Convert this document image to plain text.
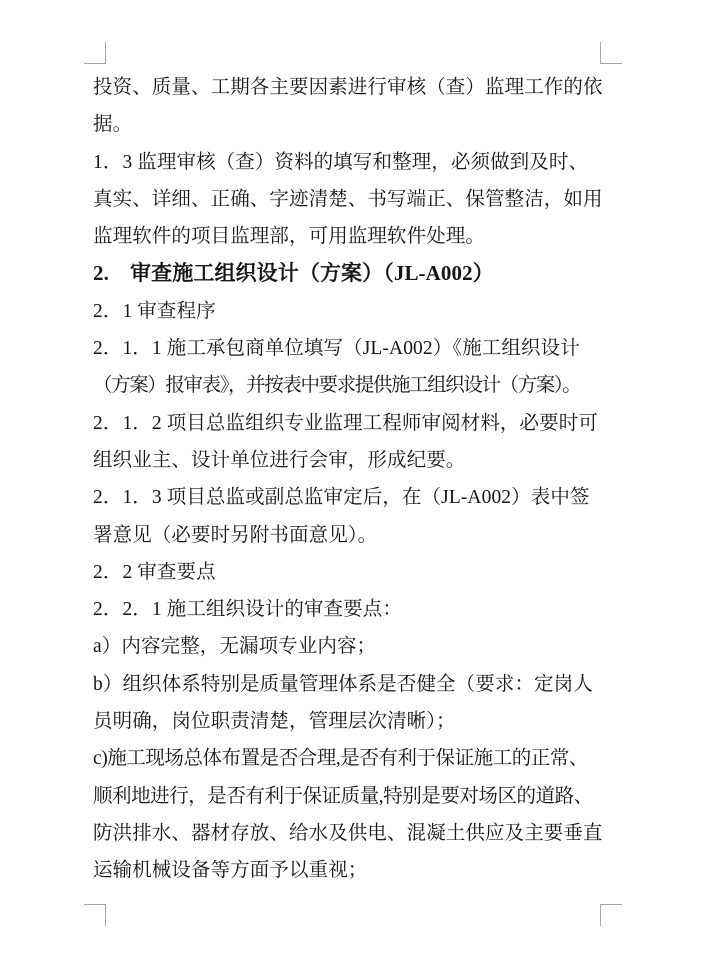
投资、质量、工期各主要因素进行审核（查）监理工作的依
据。
1．3 监理审核（查）资料的填写和整理，必须做到及时、
真实、详细、正确、字迹清楚、书写端正、保管整洁，如用
监理软件的项目监理部，可用监理软件处理。
2.　审查施工组织设计（方案）（JL-A002）
2．1 审查程序
2．1．1 施工承包商单位填写（JL-A002）《施工组织设计
（方案）报审表》，并按表中要求提供施工组织设计（方案）。
2．1．2 项目总监组织专业监理工程师审阅材料，必要时可
组织业主、设计单位进行会审，形成纪要。
2．1．3 项目总监或副总监审定后，在（JL-A002）表中签
署意见（必要时另附书面意见）。
2．2 审查要点
2．2．1 施工组织设计的审查要点：
a）内容完整，无漏项专业内容；
b）组织体系特别是质量管理体系是否健全（要求：定岗人
员明确，岗位职责清楚，管理层次清晰）；
c)施工现场总体布置是否合理,是否有利于保证施工的正常、
顺利地进行，是否有利于保证质量,特别是要对场区的道路、
防洪排水、器材存放、给水及供电、混凝土供应及主要垂直
运输机械设备等方面予以重视；
